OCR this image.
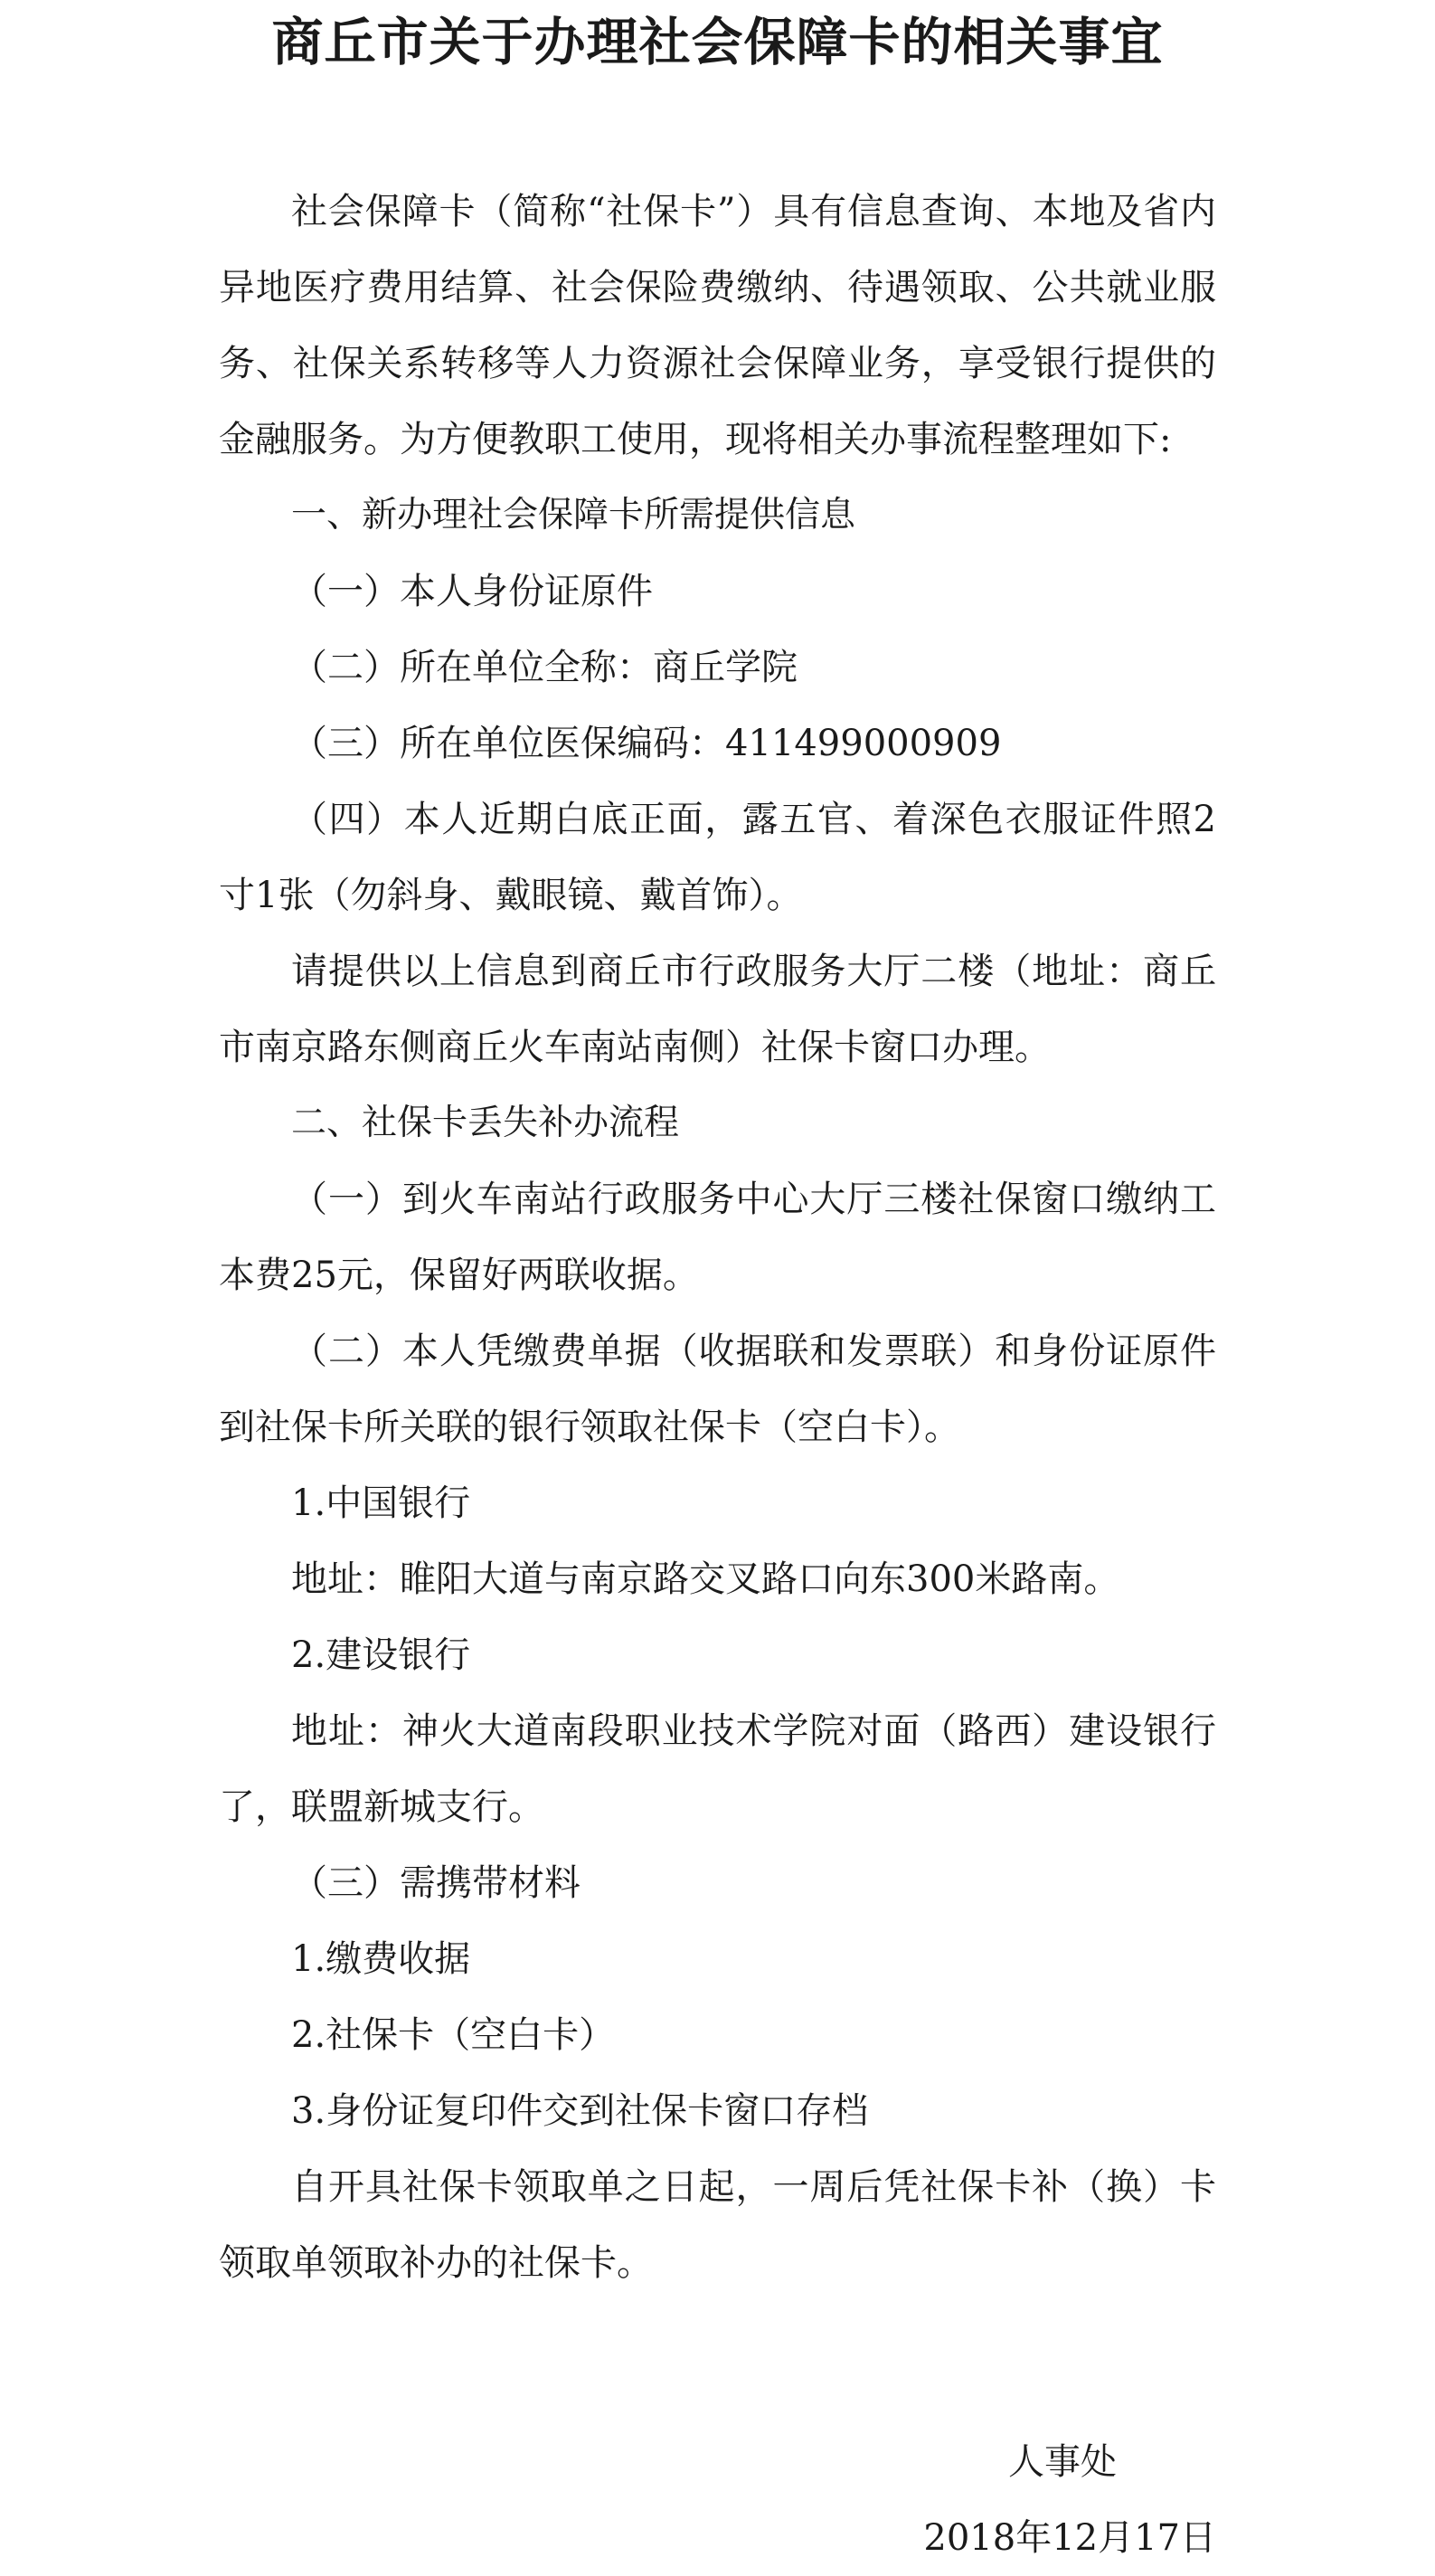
商丘市关于办理社会保障卡的相关事宜

社会保障卡（简称“社保卡”）具有信息查询、本地及省内异地医疗费用结算、社会保险费缴纳、待遇领取、公共就业服务、社保关系转移等人力资源社会保障业务，享受银行提供的金融服务。为方便教职工使用，现将相关办事流程整理如下:

一、新办理社会保障卡所需提供信息

（一）本人身份证原件

（二）所在单位全称：商丘学院

（三）所在单位医保编码：411499000909

（四）本人近期白底正面，露五官、着深色衣服证件照2寸1张（勿斜身、戴眼镜、戴首饰）。

请提供以上信息到商丘市行政服务大厅二楼（地址：商丘市南京路东侧商丘火车南站南侧）社保卡窗口办理。

二、社保卡丢失补办流程

（一）到火车南站行政服务中心大厅三楼社保窗口缴纳工本费25元，保留好两联收据。

（二）本人凭缴费单据（收据联和发票联）和身份证原件到社保卡所关联的银行领取社保卡（空白卡）。

1.中国银行

地址：睢阳大道与南京路交叉路口向东300米路南。

2.建设银行

地址：神火大道南段职业技术学院对面（路西）建设银行了，联盟新城支行。

（三）需携带材料

1.缴费收据

2.社保卡（空白卡）

3.身份证复印件交到社保卡窗口存档

自开具社保卡领取单之日起，一周后凭社保卡补（换）卡领取单领取补办的社保卡。

人事处
2018年12月17日
